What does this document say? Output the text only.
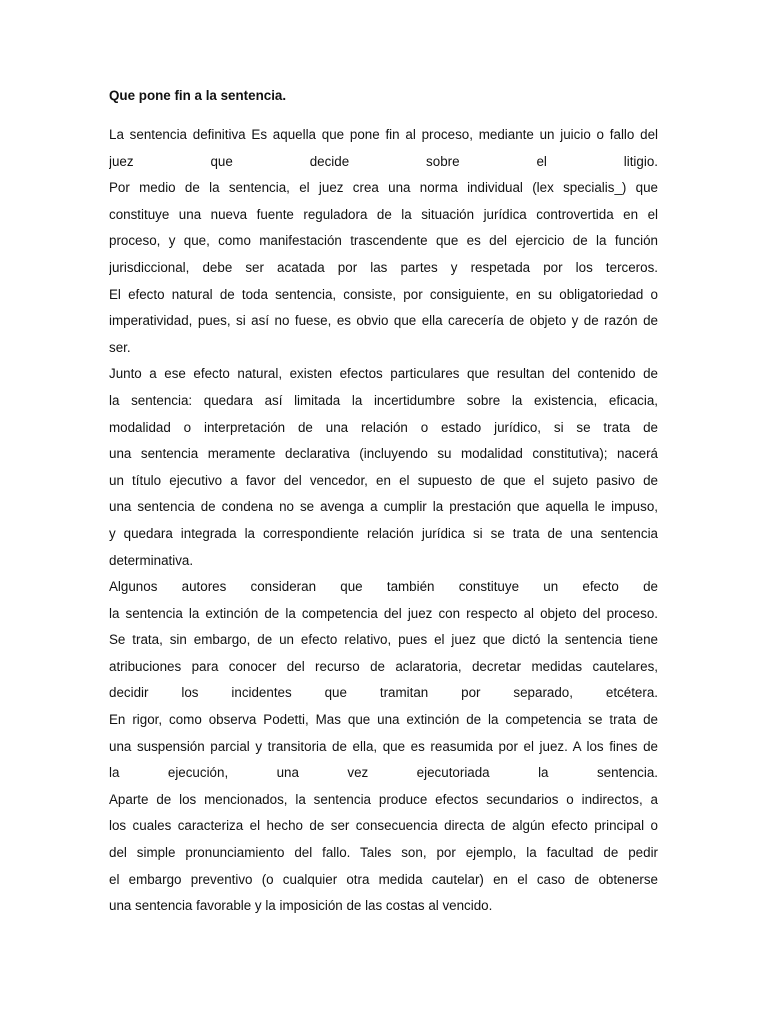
Que pone fin a la sentencia.
La sentencia definitiva Es aquella que pone fin al proceso, mediante un juicio o fallo del
juez que decide sobre el litigio.
Por medio de la sentencia, el juez crea una norma individual (lex specialis_) que
constituye una nueva fuente reguladora de la situación jurídica controvertida en el
proceso, y que, como manifestación trascendente que es del ejercicio de la función
jurisdiccional, debe ser acatada por las partes y respetada por los terceros.
El efecto natural de toda sentencia, consiste, por consiguiente, en su obligatoriedad o
imperatividad, pues, si así no fuese, es obvio que ella carecería de objeto y de razón de
ser.
Junto a ese efecto natural, existen efectos particulares que resultan del contenido de
la sentencia: quedara así limitada la incertidumbre sobre la existencia, eficacia,
modalidad o interpretación de una relación o estado jurídico, si se trata de
una sentencia meramente declarativa (incluyendo su modalidad constitutiva); nacerá
un título ejecutivo a favor del vencedor, en el supuesto de que el sujeto pasivo de
una sentencia de condena no se avenga a cumplir la prestación que aquella le impuso,
y quedara integrada la correspondiente relación jurídica si se trata de una sentencia
determinativa.
Algunos autores consideran que también constituye un efecto de
la sentencia la extinción de la competencia del juez con respecto al objeto del proceso.
Se trata, sin embargo, de un efecto relativo, pues el juez que dictó la sentencia tiene
atribuciones para conocer del recurso de aclaratoria, decretar medidas cautelares,
decidir los incidentes que tramitan por separado, etcétera.
En rigor, como observa Podetti, Mas que una extinción de la competencia se trata de
una suspensión parcial y transitoria de ella, que es reasumida por el juez. A los fines de
la ejecución, una vez ejecutoriada la sentencia.
Aparte de los mencionados, la sentencia produce efectos secundarios o indirectos, a
los cuales caracteriza el hecho de ser consecuencia directa de algún efecto principal o
del simple pronunciamiento del fallo. Tales son, por ejemplo, la facultad de pedir
el embargo preventivo (o cualquier otra medida cautelar) en el caso de obtenerse
una sentencia favorable y la imposición de las costas al vencido.
